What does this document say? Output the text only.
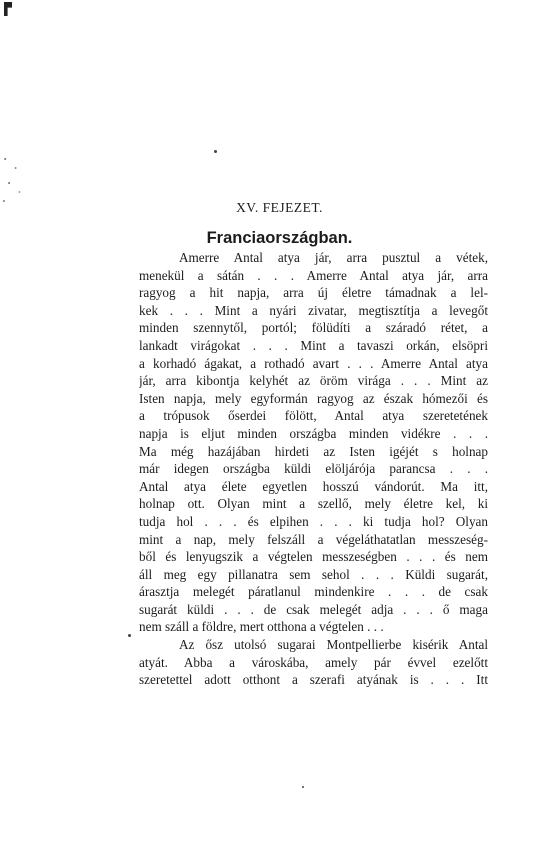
XV. FEJEZET.
Franciaországban.
Amerre Antal atya jár, arra pusztul a vétek,
menekül a sátán . . . Amerre Antal atya jár, arra
ragyog a hit napja, arra új életre támadnak a lel-
kek . . . Mint a nyári zivatar, megtisztítja a levegőt
minden szennytől, portól; fölüdíti a száradó rétet, a
lankadt virágokat . . . Mint a tavaszi orkán, elsöpri
a korhadó ágakat, a rothadó avart . . . Amerre Antal atya
jár, arra kibontja kelyhét az öröm virága . . . Mint az
Isten napja, mely egyformán ragyog az észak hómezői és
a trópusok őserdei fölött, Antal atya szeretetének
napja is eljut minden országba minden vidékre . . .
Ma még hazájában hirdeti az Isten igéjét s holnap
már idegen országba küldi elöljárója parancsa . . .
Antal atya élete egyetlen hosszú vándorút. Ma itt,
holnap ott. Olyan mint a szellő, mely életre kel, ki
tudja hol . . . és elpihen . . . ki tudja hol? Olyan
mint a nap, mely felszáll a végeláthatatlan messzeség-
ből és lenyugszik a végtelen messzeségben . . . és nem
áll meg egy pillanatra sem sehol . . . Küldi sugarát,
árasztja melegét páratlanul mindenkire . . . de csak
sugarát küldi . . . de csak melegét adja . . . ő maga
nem száll a földre, mert otthona a végtelen . . .
Az ősz utolsó sugarai Montpellierbe kisérik Antal
atyát. Abba a városkába, amely pár évvel ezelőtt
szeretettel adott otthont a szerafi atyának is . . . Itt
